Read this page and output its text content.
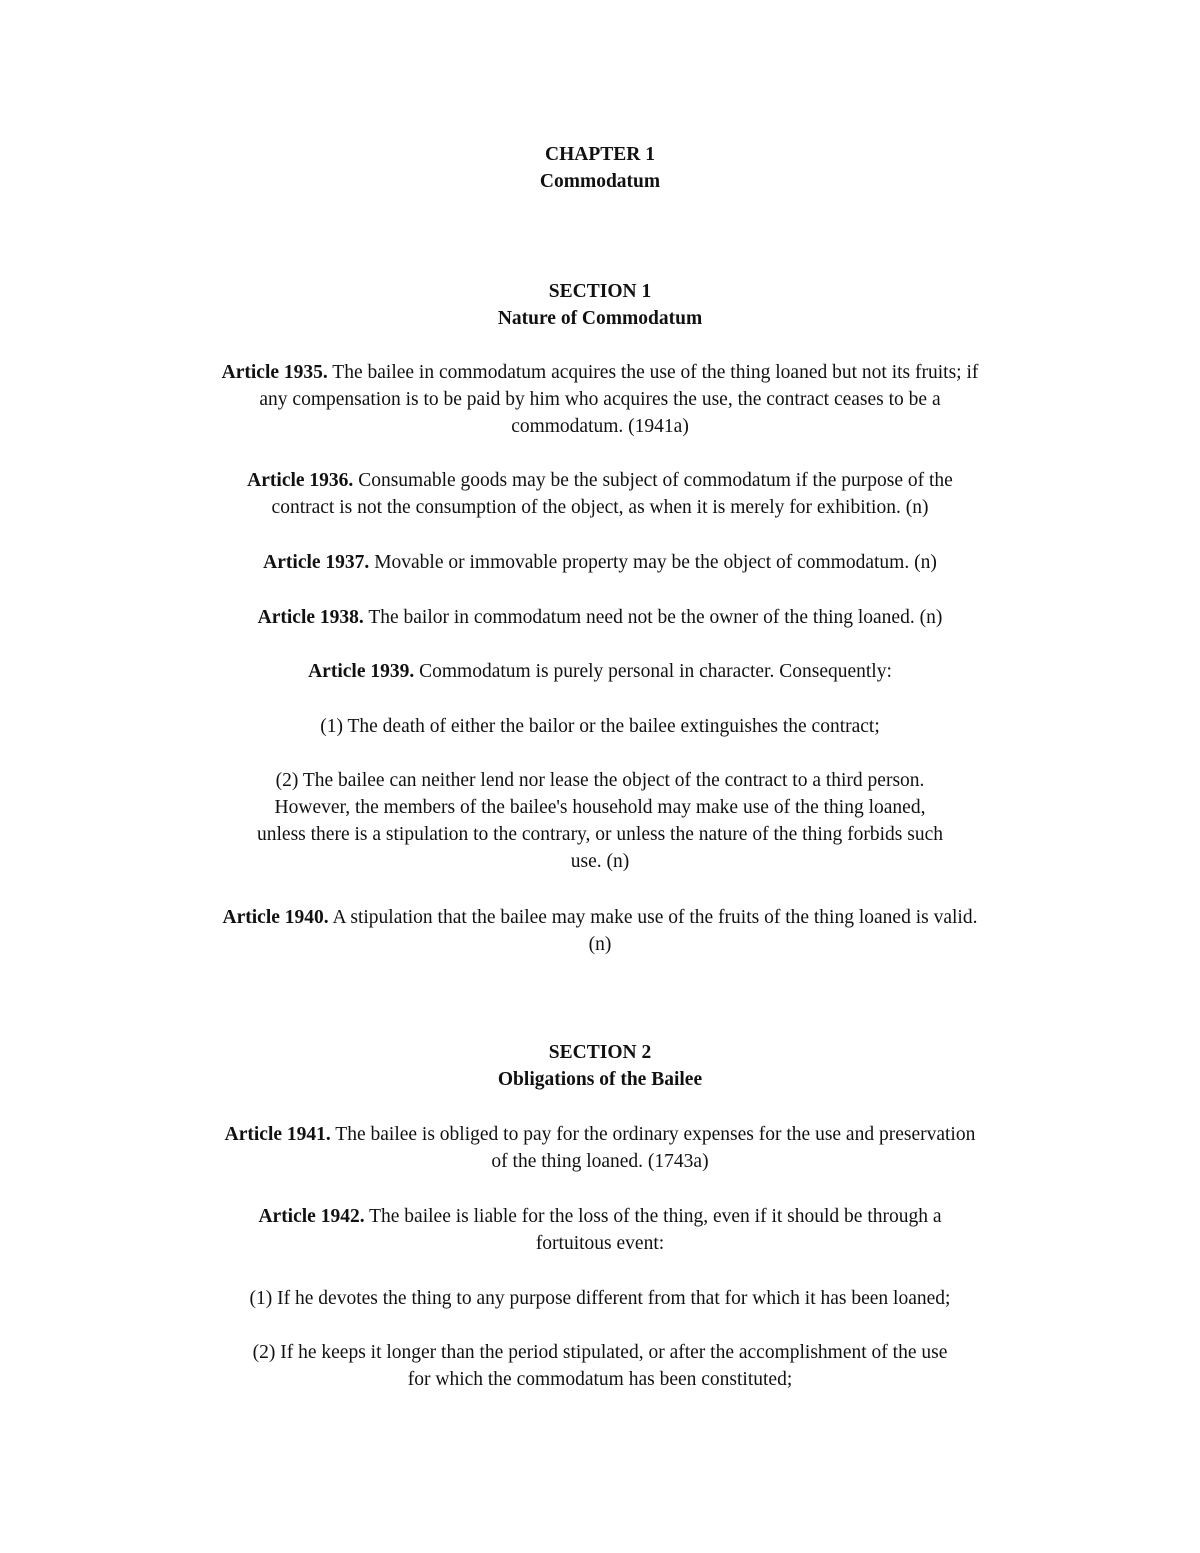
CHAPTER 1
Commodatum
SECTION 1
Nature of Commodatum
Article 1935. The bailee in commodatum acquires the use of the thing loaned but not its fruits; if
any compensation is to be paid by him who acquires the use, the contract ceases to be a
commodatum. (1941a)
Article 1936. Consumable goods may be the subject of commodatum if the purpose of the
contract is not the consumption of the object, as when it is merely for exhibition. (n)
Article 1937. Movable or immovable property may be the object of commodatum. (n)
Article 1938. The bailor in commodatum need not be the owner of the thing loaned. (n)
Article 1939. Commodatum is purely personal in character. Consequently:
(1) The death of either the bailor or the bailee extinguishes the contract;
(2) The bailee can neither lend nor lease the object of the contract to a third person.
However, the members of the bailee's household may make use of the thing loaned,
unless there is a stipulation to the contrary, or unless the nature of the thing forbids such
use. (n)
Article 1940. A stipulation that the bailee may make use of the fruits of the thing loaned is valid.
(n)
SECTION 2
Obligations of the Bailee
Article 1941. The bailee is obliged to pay for the ordinary expenses for the use and preservation
of the thing loaned. (1743a)
Article 1942. The bailee is liable for the loss of the thing, even if it should be through a
fortuitous event:
(1) If he devotes the thing to any purpose different from that for which it has been loaned;
(2) If he keeps it longer than the period stipulated, or after the accomplishment of the use
for which the commodatum has been constituted;
